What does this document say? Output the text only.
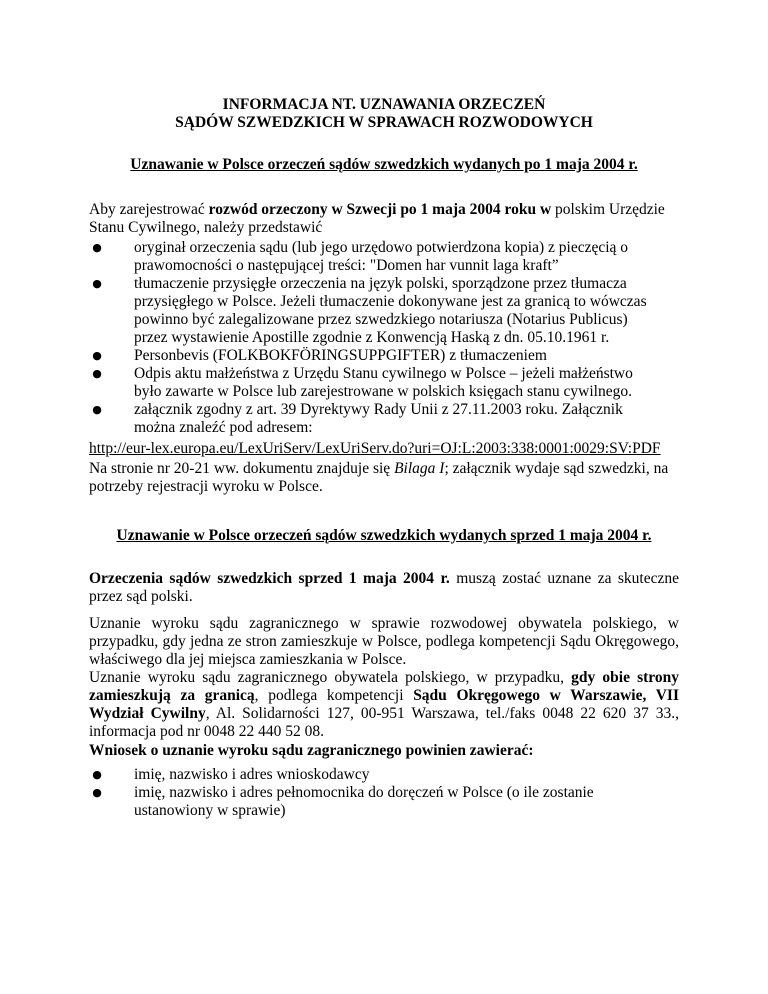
INFORMACJA NT. UZNAWANIA ORZECZEŃ
SĄDÓW SZWEDZKICH W SPRAWACH ROZWODOWYCH
Uznawanie w Polsce orzeczeń sądów szwedzkich wydanych po 1 maja 2004 r.

Aby zarejestrować rozwód orzeczony w Szwecji po 1 maja 2004 roku w polskim Urzędzie Stanu Cywilnego, należy przedstawić

● oryginał orzeczenia sądu (lub jego urzędowo potwierdzona kopia) z pieczęcią o prawomocności o następującej treści: "Domen har vunnit laga kraft”
● tłumaczenie przysięgłe orzeczenia na język polski, sporządzone przez tłumacza przysięgłego w Polsce. Jeżeli tłumaczenie dokonywane jest za granicą to wówczas powinno być zalegalizowane przez szwedzkiego notariusza (Notarius Publicus) przez wystawienie Apostille zgodnie z Konwencją Haską z dn. 05.10.1961 r.
● Personbevis (FOLKBOKFÖRINGSUPPGIFTER) z tłumaczeniem
● Odpis aktu małżeństwa z Urzędu Stanu cywilnego w Polsce – jeżeli małżeństwo było zawarte w Polsce lub zarejestrowane w polskich księgach stanu cywilnego.
● załącznik zgodny z art. 39 Dyrektywy Rady Unii z 27.11.2003 roku. Załącznik można znaleźć pod adresem:
http://eur-lex.europa.eu/LexUriServ/LexUriServ.do?uri=OJ:L:2003:338:0001:0029:SV:PDF

Na stronie nr 20-21 ww. dokumentu znajduje się Bilaga I; załącznik wydaje sąd szwedzki, na potrzeby rejestracji wyroku w Polsce.

Uznawanie w Polsce orzeczeń sądów szwedzkich wydanych sprzed 1 maja 2004 r.

Orzeczenia sądów szwedzkich sprzed 1 maja 2004 r. muszą zostać uznane za skuteczne przez sąd polski.

Uznanie wyroku sądu zagranicznego w sprawie rozwodowej obywatela polskiego, w przypadku, gdy jedna ze stron zamieszkuje w Polsce, podlega kompetencji Sądu Okręgowego, właściwego dla jej miejsca zamieszkania w Polsce.

Uznanie wyroku sądu zagranicznego obywatela polskiego, w przypadku, gdy obie strony zamieszkują za granicą, podlega kompetencji Sądu Okręgowego w Warszawie, VII Wydział Cywilny, Al. Solidarności 127, 00-951 Warszawa, tel./faks 0048 22 620 37 33., informacja pod nr 0048 22 440 52 08.

Wniosek o uznanie wyroku sądu zagranicznego powinien zawierać:

● imię, nazwisko i adres wnioskodawcy
● imię, nazwisko i adres pełnomocnika do doręczeń w Polsce (o ile zostanie ustanowiony w sprawie)
